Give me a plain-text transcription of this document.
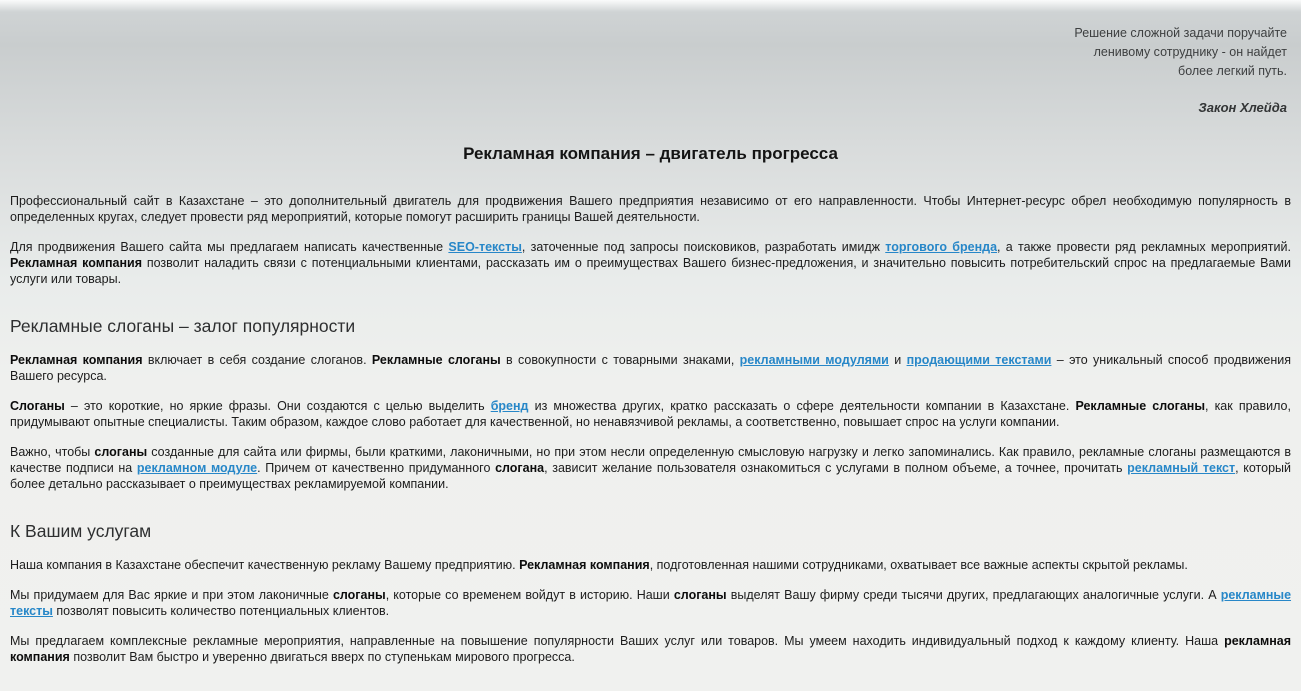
Решение сложной задачи поручайте
ленивому сотруднику - он найдет
более легкий путь.
Закон Хлейда
Рекламная компания – двигатель прогресса

Профессиональный сайт в Казахстане – это дополнительный двигатель для продвижения Вашего предприятия независимо от его направленности. Чтобы Интернет-ресурс обрел необходимую популярность в определенных кругах, следует провести ряд мероприятий, которые помогут расширить границы Вашей деятельности.

Для продвижения Вашего сайта мы предлагаем написать качественные SEO-тексты, заточенные под запросы поисковиков, разработать имидж торгового бренда, а также провести ряд рекламных мероприятий. Рекламная компания позволит наладить связи с потенциальными клиентами, рассказать им о преимуществах Вашего бизнес-предложения, и значительно повысить потребительский спрос на предлагаемые Вами услуги или товары.

Рекламные слоганы – залог популярности

Рекламная компания включает в себя создание слоганов. Рекламные слоганы в совокупности с товарными знаками, рекламными модулями и продающими текстами – это уникальный способ продвижения Вашего ресурса.

Слоганы – это короткие, но яркие фразы. Они создаются с целью выделить бренд из множества других, кратко рассказать о сфере деятельности компании в Казахстане. Рекламные слоганы, как правило, придумывают опытные специалисты. Таким образом, каждое слово работает для качественной, но ненавязчивой рекламы, а соответственно, повышает спрос на услуги компании.

Важно, чтобы слоганы созданные для сайта или фирмы, были краткими, лаконичными, но при этом несли определенную смысловую нагрузку и легко запоминались. Как правило, рекламные слоганы размещаются в качестве подписи на рекламном модуле. Причем от качественно придуманного слогана, зависит желание пользователя ознакомиться с услугами в полном объеме, а точнее, прочитать рекламный текст, который более детально рассказывает о преимуществах рекламируемой компании.

К Вашим услугам

Наша компания в Казахстане обеспечит качественную рекламу Вашему предприятию. Рекламная компания, подготовленная нашими сотрудниками, охватывает все важные аспекты скрытой рекламы.

Мы придумаем для Вас яркие и при этом лаконичные слоганы, которые со временем войдут в историю. Наши слоганы выделят Вашу фирму среди тысячи других, предлагающих аналогичные услуги. А рекламные тексты позволят повысить количество потенциальных клиентов.

Мы предлагаем комплексные рекламные мероприятия, направленные на повышение популярности Ваших услуг или товаров. Мы умеем находить индивидуальный подход к каждому клиенту. Наша рекламная компания позволит Вам быстро и уверенно двигаться вверх по ступенькам мирового прогресса.
